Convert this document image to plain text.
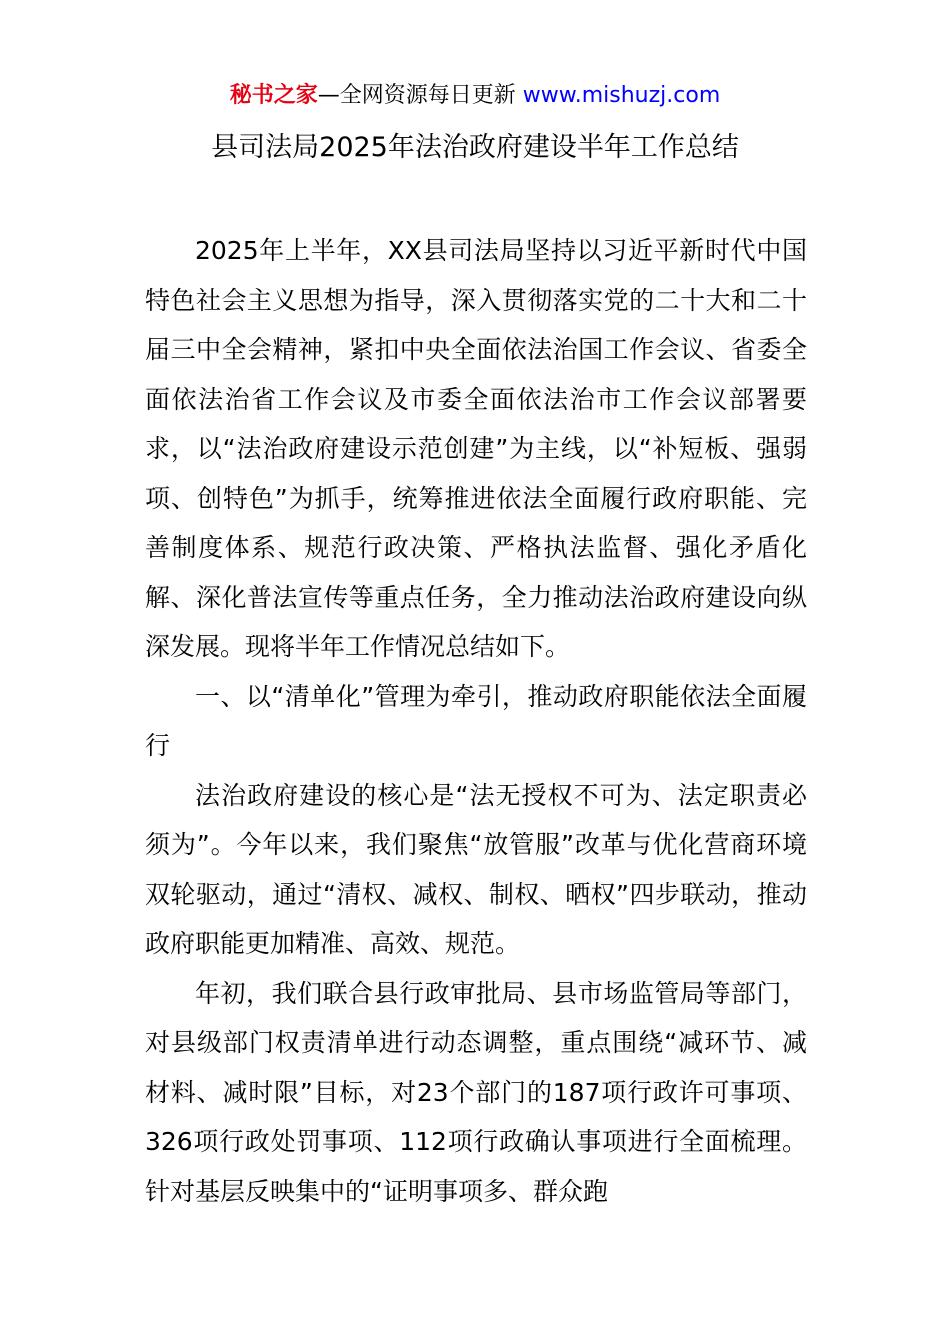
秘书之家—全网资源每日更新 www.mishuzj.com
县司法局2025年法治政府建设半年工作总结

2025年上半年，XX县司法局坚持以习近平新时代中国特色社会主义思想为指导，深入贯彻落实党的二十大和二十届三中全会精神，紧扣中央全面依法治国工作会议、省委全面依法治省工作会议及市委全面依法治市工作会议部署要求，以“法治政府建设示范创建”为主线，以“补短板、强弱项、创特色”为抓手，统筹推进依法全面履行政府职能、完善制度体系、规范行政决策、严格执法监督、强化矛盾化解、深化普法宣传等重点任务，全力推动法治政府建设向纵深发展。现将半年工作情况总结如下。

一、以“清单化”管理为牵引，推动政府职能依法全面履行

法治政府建设的核心是“法无授权不可为、法定职责必须为”。今年以来，我们聚焦“放管服”改革与优化营商环境双轮驱动，通过“清权、减权、制权、晒权”四步联动，推动政府职能更加精准、高效、规范。

年初，我们联合县行政审批局、县市场监管局等部门，对县级部门权责清单进行动态调整，重点围绕“减环节、减材料、减时限”目标，对23个部门的187项行政许可事项、326项行政处罚事项、112项行政确认事项进行全面梳理。针对基层反映集中的“证明事项多、群众跑
